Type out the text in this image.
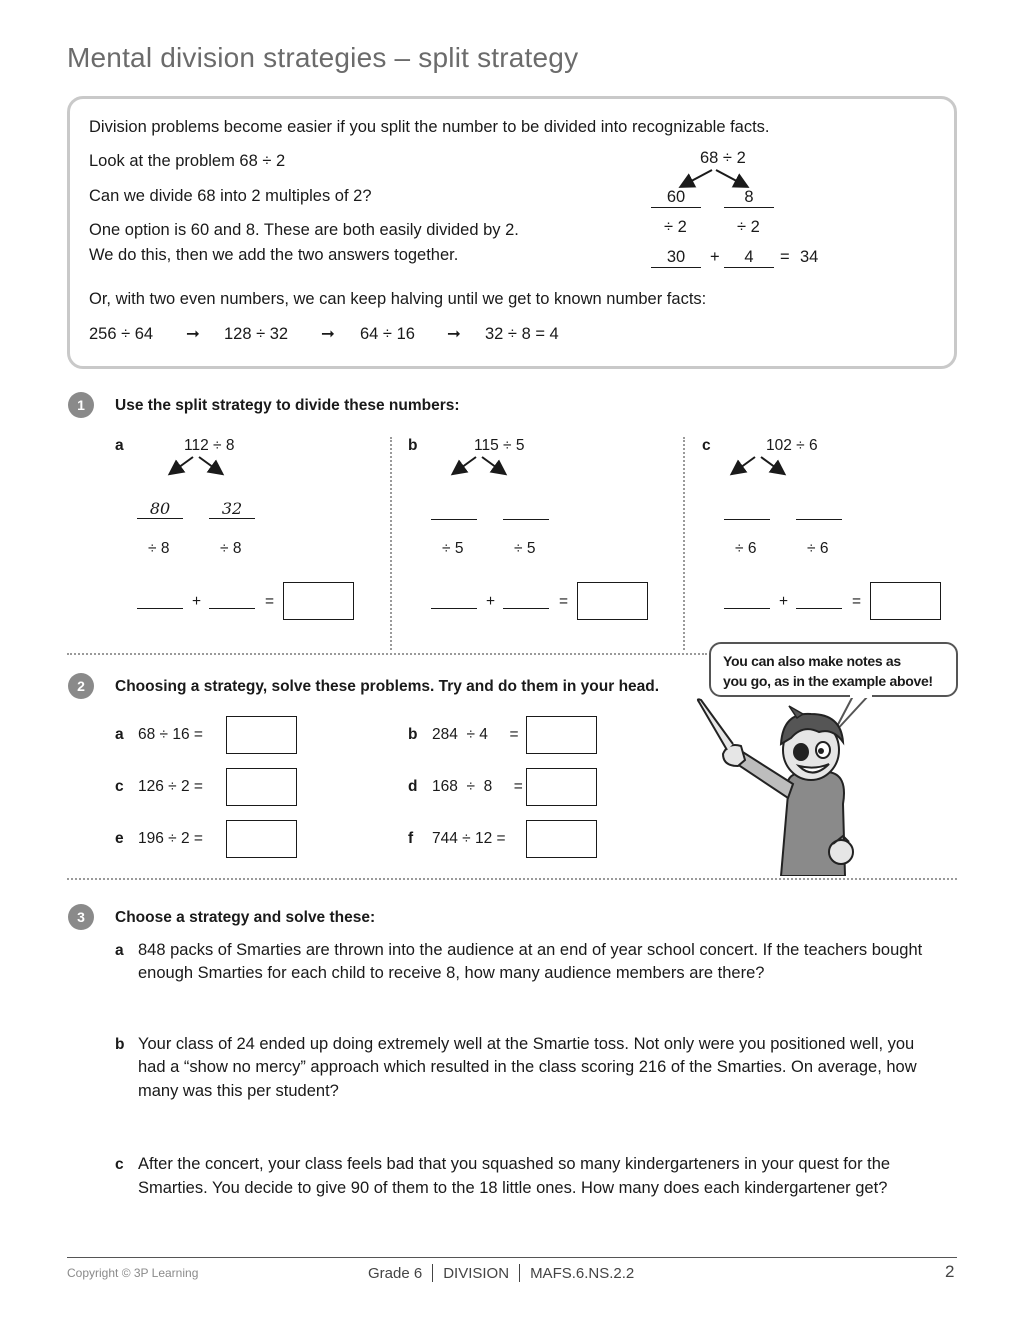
Mental division strategies – split strategy
Division problems become easier if you split the number to be divided into recognizable facts.
Look at the problem 68 ÷ 2
Can we divide 68 into 2 multiples of 2?
One option is 60 and 8. These are both easily divided by 2.
We do this, then we add the two answers together.
Or, with two even numbers, we can keep halving until we get to known number facts:
68 ÷ 2
60	8
÷ 2	÷ 2
30	+	4	= 34
256 ÷ 64 ➞ 128 ÷ 32 ➞ 64 ÷ 16 ➞ 32 ÷ 8 = 4
1	Use the split strategy to divide these numbers:
a	112 ÷ 8
80	32
÷ 8	÷ 8
+	=
b	115 ÷ 5
÷ 5	÷ 5
+	=
c	102 ÷ 6
÷ 6	÷ 6
+	=
2	Choosing a strategy, solve these problems. Try and do them in your head.
a 68 ÷ 16 =	b 284  ÷ 4     =
c 126 ÷ 2 =	d 168  ÷  8     =
e 196 ÷ 2 =	f 744 ÷ 12 =
You can also make notes as
you go, as in the example above!
3	Choose a strategy and solve these:
a 848 packs of Smarties are thrown into the audience at an end of year school concert. If the teachers bought
enough Smarties for each child to receive 8, how many audience members are there?
b Your class of 24 ended up doing extremely well at the Smartie toss. Not only were you positioned well, you
had a “show no mercy” approach which resulted in the class scoring 216 of the Smarties. On average, how
many was this per student?
c After the concert, your class feels bad that you squashed so many kindergarteners in your quest for the
Smarties. You decide to give 90 of them to the 18 little ones. How many does each kindergartener get?
Copyright © 3P Learning	Grade 6 DIVISION MAFS.6.NS.2.2	2
